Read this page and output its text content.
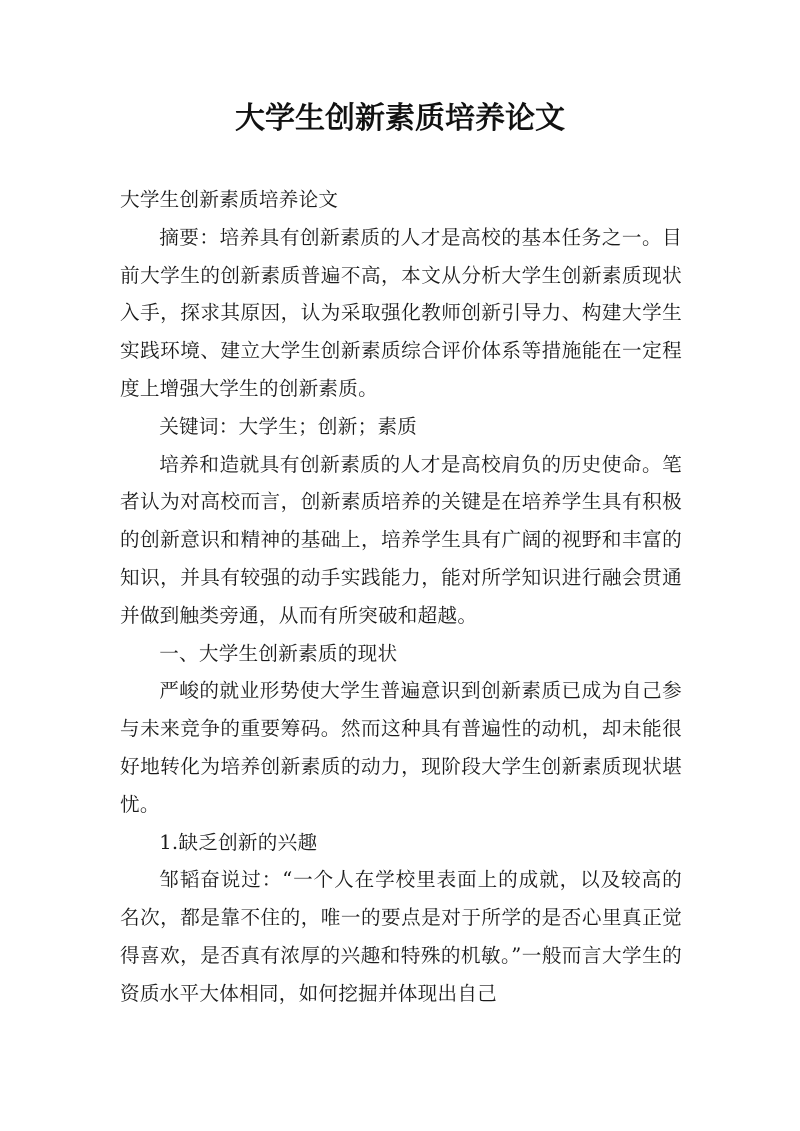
大学生创新素质培养论文

大学生创新素质培养论文

摘要：培养具有创新素质的人才是高校的基本任务之一。目前大学生的创新素质普遍不高，本文从分析大学生创新素质现状入手，探求其原因，认为采取强化教师创新引导力、构建大学生实践环境、建立大学生创新素质综合评价体系等措施能在一定程度上增强大学生的创新素质。

关键词：大学生；创新；素质

培养和造就具有创新素质的人才是高校肩负的历史使命。笔者认为对高校而言，创新素质培养的关键是在培养学生具有积极的创新意识和精神的基础上，培养学生具有广阔的视野和丰富的知识，并具有较强的动手实践能力，能对所学知识进行融会贯通并做到触类旁通，从而有所突破和超越。

一、大学生创新素质的现状

严峻的就业形势使大学生普遍意识到创新素质已成为自己参与未来竞争的重要筹码。然而这种具有普遍性的动机，却未能很好地转化为培养创新素质的动力，现阶段大学生创新素质现状堪忧。

1.缺乏创新的兴趣

邹韬奋说过：“一个人在学校里表面上的成就，以及较高的名次，都是靠不住的，唯一的要点是对于所学的是否心里真正觉得喜欢，是否真有浓厚的兴趣和特殊的机敏。”一般而言大学生的资质水平大体相同，如何挖掘并体现出自己
